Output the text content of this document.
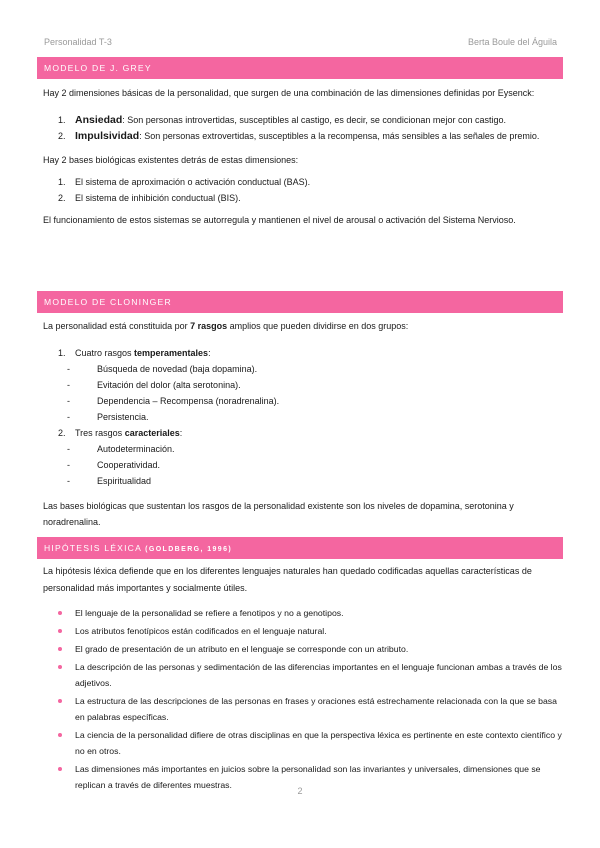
Personalidad T-3	Berta Boule del Águila
MODELO DE J. GREY

Hay 2 dimensiones básicas de la personalidad, que surgen de una combinación de las dimensiones definidas por Eysenck:

1. Ansiedad: Son personas introvertidas, susceptibles al castigo, es decir, se condicionan mejor con castigo.
2. Impulsividad: Son personas extrovertidas, susceptibles a la recompensa, más sensibles a las señales de premio.

Hay 2 bases biológicas existentes detrás de estas dimensiones:

1. El sistema de aproximación o activación conductual (BAS).
2. El sistema de inhibición conductual (BIS).

El funcionamiento de estos sistemas se autorregula y mantienen el nivel de arousal o activación del Sistema Nervioso.

MODELO DE CLONINGER

La personalidad está constituida por 7 rasgos amplios que pueden dividirse en dos grupos:

1. Cuatro rasgos temperamentales:
-	Búsqueda de novedad (baja dopamina).
-	Evitación del dolor (alta serotonina).
-	Dependencia – Recompensa (noradrenalina).
-	Persistencia.
2. Tres rasgos caracteriales:
-	Autodeterminación.
-	Cooperatividad.
-	Espiritualidad

Las bases biológicas que sustentan los rasgos de la personalidad existente son los niveles de dopamina, serotonina y noradrenalina.

HIPÓTESIS LÉXICA (GOLDBERG, 1996)

La hipótesis léxica defiende que en los diferentes lenguajes naturales han quedado codificadas aquellas características de personalidad más importantes y socialmente útiles.

El lenguaje de la personalidad se refiere a fenotipos y no a genotipos.
Los atributos fenotípicos están codificados en el lenguaje natural.
El grado de presentación de un atributo en el lenguaje se corresponde con un atributo.
La descripción de las personas y sedimentación de las diferencias importantes en el lenguaje funcionan ambas a través de los adjetivos.
La estructura de las descripciones de las personas en frases y oraciones está estrechamente relacionada con la que se basa en palabras específicas.
La ciencia de la personalidad difiere de otras disciplinas en que la perspectiva léxica es pertinente en este contexto científico y no en otros.
Las dimensiones más importantes en juicios sobre la personalidad son las invariantes y universales, dimensiones que se replican a través de diferentes muestras.
2
